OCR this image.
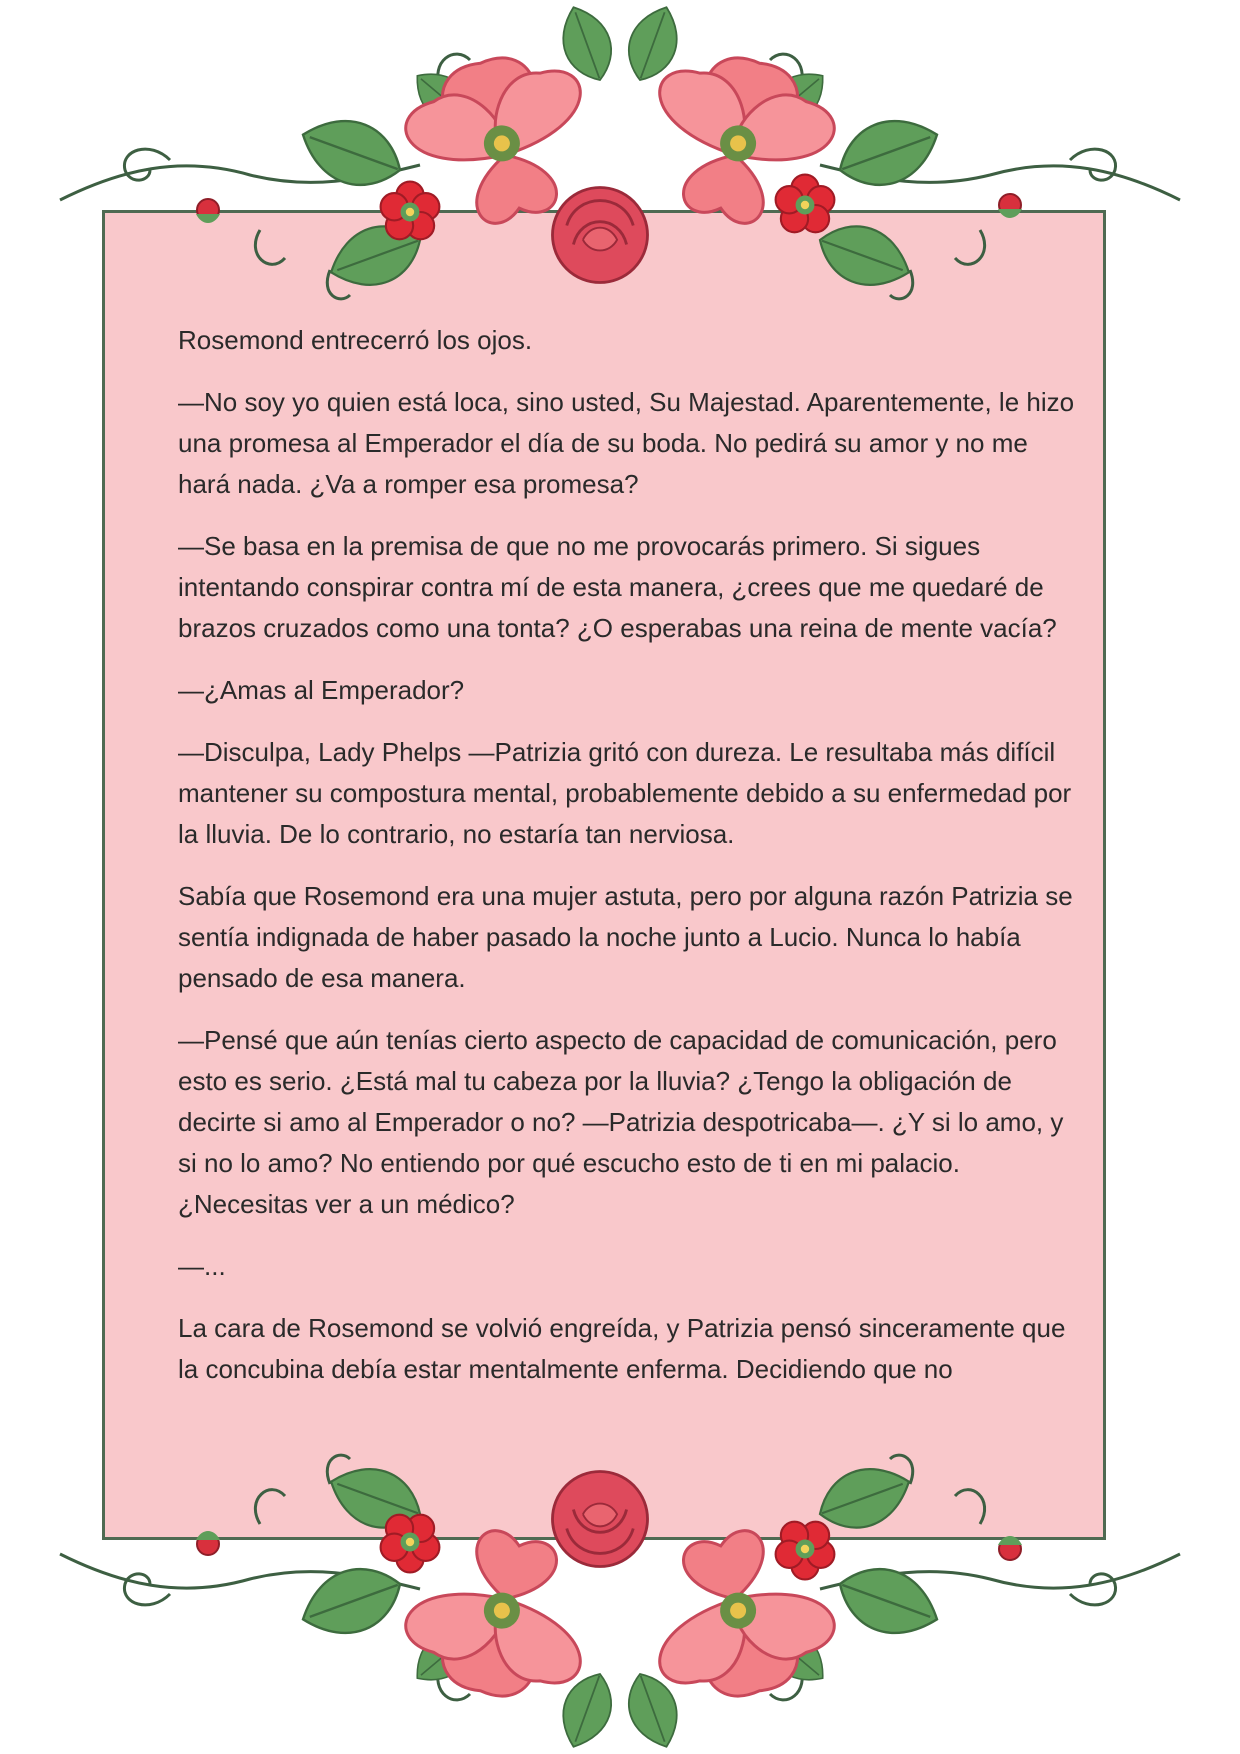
Rosemond entrecerró los ojos.

—No soy yo quien está loca, sino usted, Su Majestad. Aparentemente, le hizo una promesa al Emperador el día de su boda. No pedirá su amor y no me hará nada. ¿Va a romper esa promesa?

—Se basa en la premisa de que no me provocarás primero. Si sigues intentando conspirar contra mí de esta manera, ¿crees que me quedaré de brazos cruzados como una tonta? ¿O esperabas una reina de mente vacía?

—¿Amas al Emperador?

—Disculpa, Lady Phelps —Patrizia gritó con dureza. Le resultaba más difícil mantener su compostura mental, probablemente debido a su enfermedad por la lluvia. De lo contrario, no estaría tan nerviosa.

Sabía que Rosemond era una mujer astuta, pero por alguna razón Patrizia se sentía indignada de haber pasado la noche junto a Lucio. Nunca lo había pensado de esa manera.

—Pensé que aún tenías cierto aspecto de capacidad de comunicación, pero esto es serio. ¿Está mal tu cabeza por la lluvia? ¿Tengo la obligación de decirte si amo al Emperador o no? —Patrizia despotricaba—. ¿Y si lo amo, y si no lo amo? No entiendo por qué escucho esto de ti en mi palacio. ¿Necesitas ver a un médico?

—...

La cara de Rosemond se volvió engreída, y Patrizia pensó sinceramente que la concubina debía estar mentalmente enferma. Decidiendo que no
